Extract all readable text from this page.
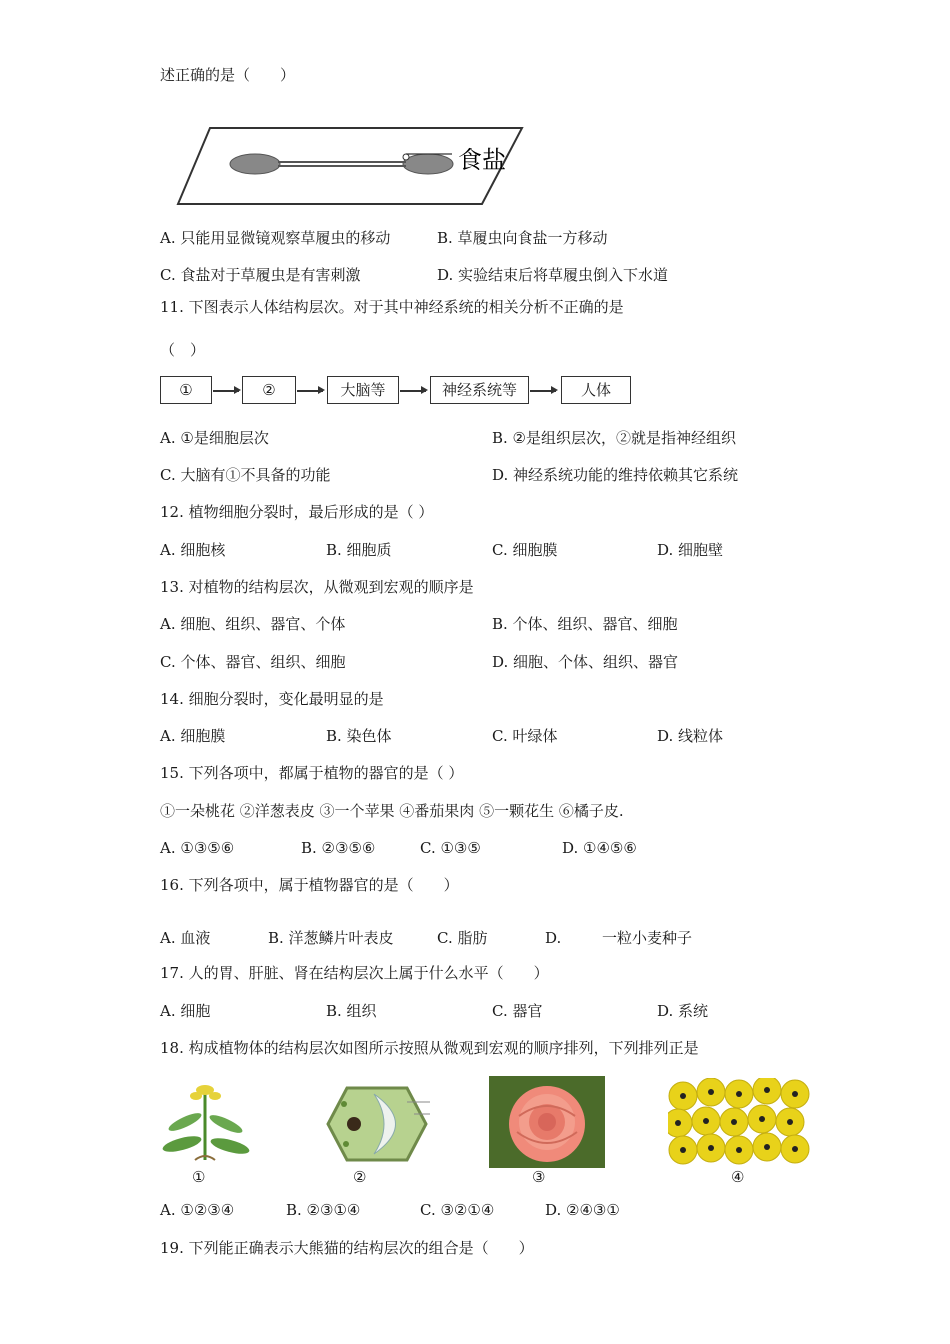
述正确的是（　　）
食盐
A. 只能用显微镜观察草履虫的移动	B. 草履虫向食盐一方移动
C. 食盐对于草履虫是有害刺激	D. 实验结束后将草履虫倒入下水道
11. 下图表示人体结构层次。对于其中神经系统的相关分析不正确的是
（　）
①	②	大脑等	神经系统等	人体
A. ①是细胞层次	B. ②是组织层次，②就是指神经组织
C. 大脑有①不具备的功能	D. 神经系统功能的维持依赖其它系统
12. 植物细胞分裂时，最后形成的是（ ）
A. 细胞核	B. 细胞质	C. 细胞膜	D. 细胞壁
13. 对植物的结构层次，从微观到宏观的顺序是
A. 细胞、组织、器官、个体	B. 个体、组织、器官、细胞
C. 个体、器官、组织、细胞	D. 细胞、个体、组织、器官
14. 细胞分裂时，变化最明显的是
A. 细胞膜	B. 染色体	C. 叶绿体	D. 线粒体
15. 下列各项中，都属于植物的器官的是（ ）
①一朵桃花 ②洋葱表皮 ③一个苹果 ④番茄果肉 ⑤一颗花生 ⑥橘子皮.
A. ①③⑤⑥	B. ②③⑤⑥	C. ①③⑤	D. ①④⑤⑥
16. 下列各项中，属于植物器官的是（　　）
A. 血液	B. 洋葱鳞片叶表皮	C. 脂肪	D.	一粒小麦种子
17. 人的胃、肝脏、肾在结构层次上属于什么水平（　　）
A. 细胞	B. 组织	C. 器官	D. 系统
18. 构成植物体的结构层次如图所示按照从微观到宏观的顺序排列，下列排列正是
①	②	③	④
A. ①②③④	B. ②③①④	C. ③②①④	D. ②④③①
19. 下列能正确表示大熊猫的结构层次的组合是（　　）
